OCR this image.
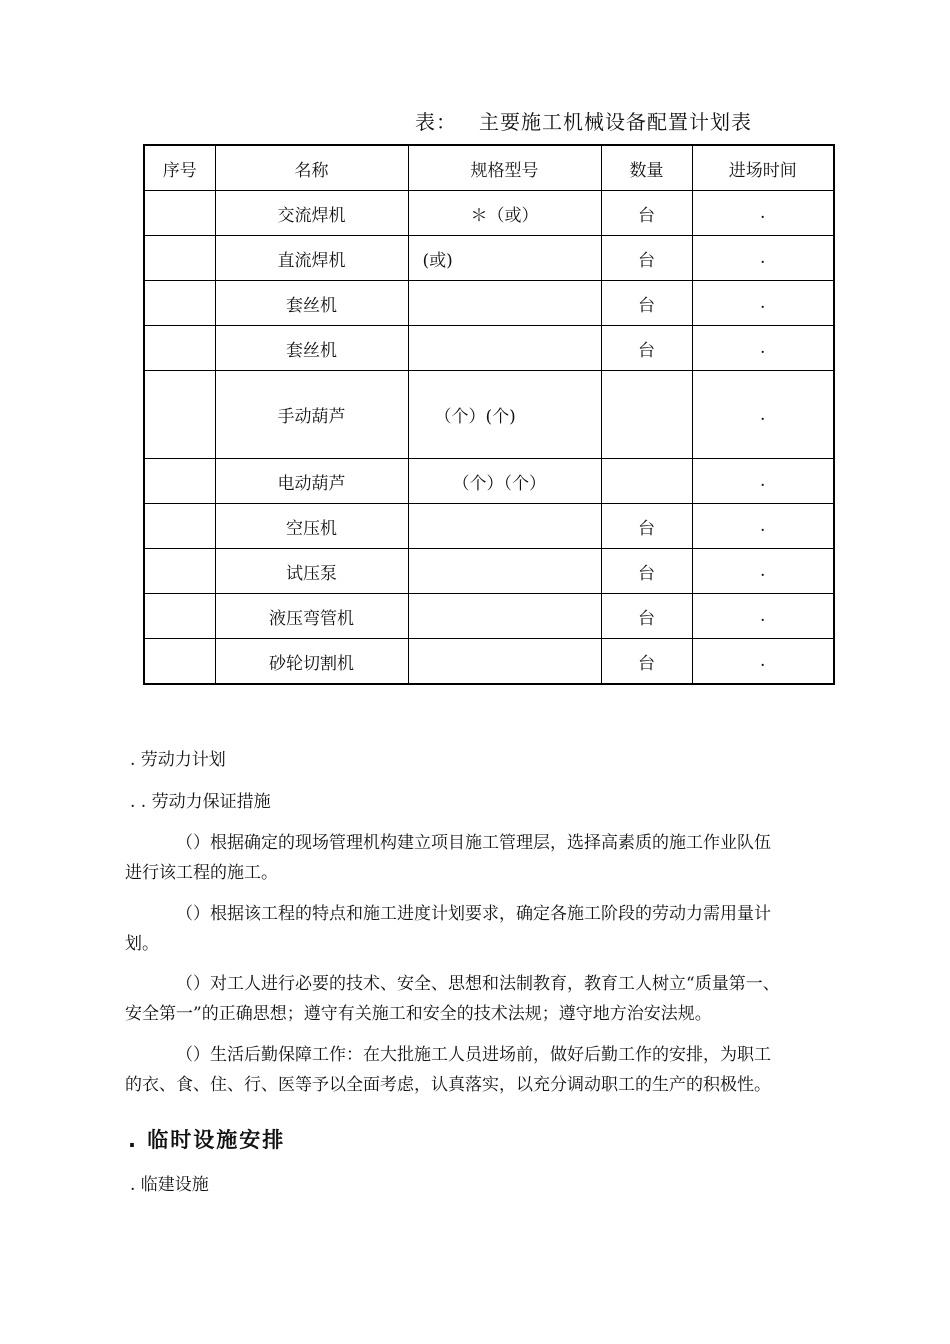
表： 主要施工机械设备配置计划表
序号	名称	规格型号	数量	进场时间
	交流焊机	＊（或）	台	.
	直流焊机	(或)	台	.
	套丝机		台	.
	套丝机		台	.
	手动葫芦	（个）(个)		.
	电动葫芦	（个）（个）		.
	空压机		台	.
	试压泵		台	.
	液压弯管机		台	.
	砂轮切割机		台	.
. 劳动力计划
. . 劳动力保证措施
（）根据确定的现场管理机构建立项目施工管理层，选择高素质的施工作业队伍
进行该工程的施工。
（）根据该工程的特点和施工进度计划要求，确定各施工阶段的劳动力需用量计
划。
（）对工人进行必要的技术、安全、思想和法制教育，教育工人树立“质量第一、
安全第一”的正确思想；遵守有关施工和安全的技术法规；遵守地方治安法规。
（）生活后勤保障工作：在大批施工人员进场前，做好后勤工作的安排，为职工
的衣、食、住、行、医等予以全面考虑，认真落实，以充分调动职工的生产的积极性。
. 临时设施安排
. 临建设施
